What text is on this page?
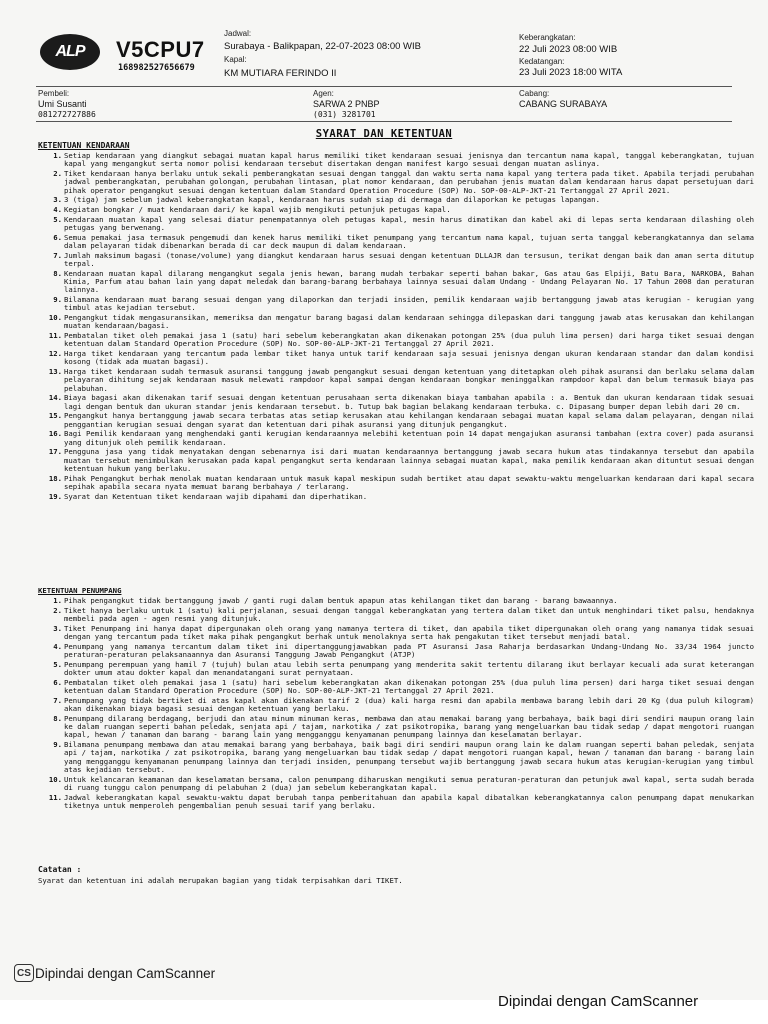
ALP V5CPU7
168982527656679
Jadwal:
Surabaya - Balikpapan, 22-07-2023 08:00 WIB
Kapal:
KM MUTIARA FERINDO II
Keberangkatan:
22 Juli 2023 08:00 WIB
Kedatangan:
23 Juli 2023 18:00 WITA
Pembeli:
Umi Susanti
081272727886
Agen:
SARWA 2 PNBP
(031) 3281701
Cabang:
CABANG SURABAYA
SYARAT DAN KETENTUAN
KETENTUAN KENDARAAN
1. Setiap kendaraan yang diangkut sebagai muatan kapal harus memiliki tiket kendaraan sesuai jenisnya dan tercantum nama kapal, tanggal keberangkatan, tujuan kapal yang mengangkut serta nomor polisi kendaraan tersebut disertakan dengan manifest kargo sesuai dengan muatan aslinya.
2. Tiket kendaraan hanya berlaku untuk sekali pemberangkatan sesuai dengan tanggal dan waktu serta nama kapal yang tertera pada tiket. Apabila terjadi perubahan jadwal pemberangkatan, perubahan golongan, perubahan lintasan, plat nomor kendaraan, dan perubahan jenis muatan dalam kendaraan harus dapat persetujuan dari pihak operator pengangkut sesuai dengan ketentuan dalam Standard Operation Procedure (SOP) No. SOP-00-ALP-JKT-21 Tertanggal 27 April 2021.
3. 3 (tiga) jam sebelum jadwal keberangkatan kapal, kendaraan harus sudah siap di dermaga dan dilaporkan ke petugas lapangan.
4. Kegiatan bongkar / muat kendaraan dari/ ke kapal wajib mengikuti petunjuk petugas kapal.
5. Kendaraan muatan kapal yang selesai diatur penempatannya oleh petugas kapal, mesin harus dimatikan dan kabel aki di lepas serta kendaraan dilashing oleh petugas yang berwenang.
6. Semua pemakai jasa termasuk pengemudi dan kenek harus memiliki tiket penumpang yang tercantum nama kapal, tujuan serta tanggal keberangkatannya dan selama dalam pelayaran tidak dibenarkan berada di car deck maupun di dalam kendaraan.
7. Jumlah maksimum bagasi (tonase/volume) yang diangkut kendaraan harus sesuai dengan ketentuan DLLAJR dan tersusun, terikat dengan baik dan aman serta ditutup terpal.
8. Kendaraan muatan kapal dilarang mengangkut segala jenis hewan, barang mudah terbakar seperti bahan bakar, Gas atau Gas Elpiji, Batu Bara, NARKOBA, Bahan Kimia, Parfum atau bahan lain yang dapat meledak dan barang-barang berbahaya lainnya sesuai dalam Undang - Undang Pelayaran No. 17 Tahun 2008 dan peraturan lainnya.
9. Bilamana kendaraan muat barang sesuai dengan yang dilaporkan dan terjadi insiden, pemilik kendaraan wajib bertanggung jawab atas kerugian - kerugian yang timbul atas kejadian tersebut.
10. Pengangkut tidak mengasuransikan, memeriksa dan mengatur barang bagasi dalam kendaraan sehingga dilepaskan dari tanggung jawab atas kerusakan dan kehilangan muatan kendaraan/bagasi.
11. Pembatalan tiket oleh pemakai jasa 1 (satu) hari sebelum keberangkatan akan dikenakan potongan 25% (dua puluh lima persen) dari harga tiket sesuai dengan ketentuan dalam Standard Operation Procedure (SOP) No. SOP-00-ALP-JKT-21 Tertanggal 27 April 2021.
12. Harga tiket kendaraan yang tercantum pada lembar tiket hanya untuk tarif kendaraan saja sesuai jenisnya dengan ukuran kendaraan standar dan dalam kondisi kosong (tidak ada muatan bagasi).
13. Harga tiket kendaraan sudah termasuk asuransi tanggung jawab pengangkut sesuai dengan ketentuan yang ditetapkan oleh pihak asuransi dan berlaku selama dalam pelayaran dihitung sejak kendaraan masuk melewati rampdoor kapal sampai dengan kendaraan bongkar meninggalkan rampdoor kapal dan belum termasuk biaya pas pelabuhan.
14. Biaya bagasi akan dikenakan tarif sesuai dengan ketentuan perusahaan serta dikenakan biaya tambahan apabila : a. Bentuk dan ukuran kendaraan tidak sesuai lagi dengan bentuk dan ukuran standar jenis kendaraan tersebut. b. Tutup bak bagian belakang kendaraan terbuka. c. Dipasang bumper depan lebih dari 20 cm.
15. Pengangkut hanya bertanggung jawab secara terbatas atas setiap kerusakan atau kehilangan kendaraan sebagai muatan kapal selama dalam pelayaran, dengan nilai penggantian kerugian sesuai dengan syarat dan ketentuan dari pihak asuransi yang ditunjuk pengangkut.
16. Bagi Pemilik kendaraan yang menghendaki ganti kerugian kendaraannya melebihi ketentuan poin 14 dapat mengajukan asuransi tambahan (extra cover) pada asuransi yang ditunjuk oleh pemilik kendaraan.
17. Pengguna jasa yang tidak menyatakan dengan sebenarnya isi dari muatan kendaraannya bertanggung jawab secara hukum atas tindakannya tersebut dan apabila muatan tersebut menimbulkan kerusakan pada kapal pengangkut serta kendaraan lainnya sebagai muatan kapal, maka pemilik kendaraan akan dituntut sesuai dengan ketentuan hukum yang berlaku.
18. Pihak Pengangkut berhak menolak muatan kendaraan untuk masuk kapal meskipun sudah bertiket atau dapat sewaktu-waktu mengeluarkan kendaraan dari kapal secara sepihak apabila secara nyata memuat barang berbahaya / terlarang.
19. Syarat dan Ketentuan tiket kendaraan wajib dipahami dan diperhatikan.
KETENTUAN PENUMPANG
1. Pihak pengangkut tidak bertanggung jawab / ganti rugi dalam bentuk apapun atas kehilangan tiket dan barang - barang bawaannya.
2. Tiket hanya berlaku untuk 1 (satu) kali perjalanan, sesuai dengan tanggal keberangkatan yang tertera dalam tiket dan untuk menghindari tiket palsu, hendaknya membeli pada agen - agen resmi yang ditunjuk.
3. Tiket Penumpang ini hanya dapat dipergunakan oleh orang yang namanya tertera di tiket, dan apabila tiket dipergunakan oleh orang yang namanya tidak sesuai dengan yang tercantum pada tiket maka pihak pengangkut berhak untuk menolaknya serta hak pengakutan tiket tersebut menjadi batal.
4. Penumpang yang namanya tercantum dalam tiket ini dipertanggungjawabkan pada PT Asuransi Jasa Raharja berdasarkan Undang-Undang No. 33/34 1964 juncto peraturan-peraturan pelaksanaannya dan Asuransi Tanggung Jawab Pengangkut (ATJP)
5. Penumpang perempuan yang hamil 7 (tujuh) bulan atau lebih serta penumpang yang menderita sakit tertentu dilarang ikut berlayar kecuali ada surat keterangan dokter umum atau dokter kapal dan menandatangani surat pernyataan.
6. Pembatalan tiket oleh pemakai jasa 1 (satu) hari sebelum keberangkatan akan dikenakan potongan 25% (dua puluh lima persen) dari harga tiket sesuai dengan ketentuan dalam Standard Operation Procedure (SOP) No. SOP-00-ALP-JKT-21 Tertanggal 27 April 2021.
7. Penumpang yang tidak bertiket di atas kapal akan dikenakan tarif 2 (dua) kali harga resmi dan apabila membawa barang lebih dari 20 Kg (dua puluh kilogram) akan dikenakan biaya bagasi sesuai dengan ketentuan yang berlaku.
8. Penumpang dilarang berdagang, berjudi dan atau minum minuman keras, membawa dan atau memakai barang yang berbahaya, baik bagi diri sendiri maupun orang lain ke dalam ruangan seperti bahan peledak, senjata api / tajam, narkotika / zat psikotropika, barang yang mengeluarkan bau tidak sedap / dapat mengotori ruangan kapal, hewan / tanaman dan barang - barang lain yang mengganggu kenyamanan penumpang lainnya dan keselamatan berlayar.
9. Bilamana penumpang membawa dan atau memakai barang yang berbahaya, baik bagi diri sendiri maupun orang lain ke dalam ruangan seperti bahan peledak, senjata api / tajam, narkotika / zat psikotropika, barang yang mengeluarkan bau tidak sedap / dapat mengotori ruangan kapal, hewan / tanaman dan barang - barang lain yang mengganggu kenyamanan penumpang lainnya dan terjadi insiden, penumpang tersebut wajib bertanggung jawab secara hukum atas kerugian-kerugian yang timbul atas kejadian tersebut.
10. Untuk kelancaran keamanan dan keselamatan bersama, calon penumpang diharuskan mengikuti semua peraturan-peraturan dan petunjuk awal kapal, serta sudah berada di ruang tunggu calon penumpang di pelabuhan 2 (dua) jam sebelum keberangkatan kapal.
11. Jadwal keberangkatan kapal sewaktu-waktu dapat berubah tanpa pemberitahuan dan apabila kapal dibatalkan keberangkatannya calon penumpang dapat menukarkan tiketnya untuk memperoleh pengembalian penuh sesuai tarif yang berlaku.
Catatan :
Syarat dan ketentuan ini adalah merupakan bagian yang tidak terpisahkan dari TIKET.
CS Dipindai dengan CamScanner
Dipindai dengan CamScanner
